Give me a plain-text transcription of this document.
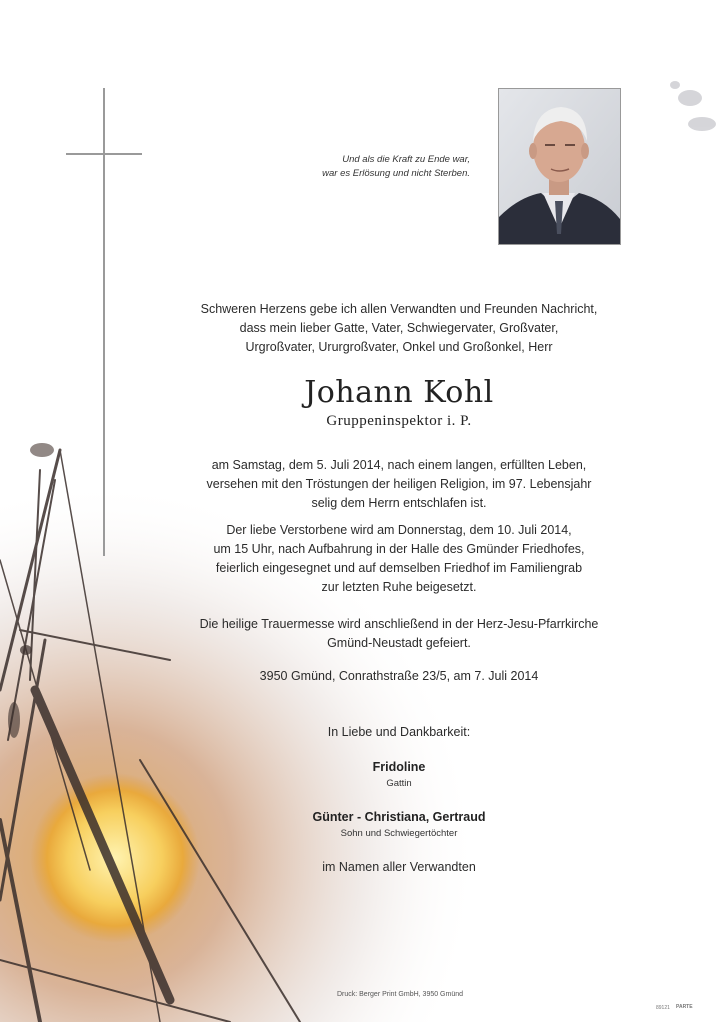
Und als die Kraft zu Ende war,
war es Erlösung und nicht Sterben.
Schweren Herzens gebe ich allen Verwandten und Freunden Nachricht,
dass mein lieber Gatte, Vater, Schwiegervater, Großvater,
Urgroßvater, Ururgroßvater, Onkel und Großonkel, Herr
Johann Kohl
Gruppeninspektor i. P.
am Samstag, dem 5. Juli 2014, nach einem langen, erfüllten Leben,
versehen mit den Tröstungen der heiligen Religion, im 97. Lebensjahr
selig dem Herrn entschlafen ist.
Der liebe Verstorbene wird am Donnerstag, dem 10. Juli 2014,
um 15 Uhr, nach Aufbahrung in der Halle des Gmünder Friedhofes,
feierlich eingesegnet und auf demselben Friedhof im Familiengrab
zur letzten Ruhe beigesetzt.
Die heilige Trauermesse wird anschließend in der Herz-Jesu-Pfarrkirche
Gmünd-Neustadt gefeiert.
3950 Gmünd, Conrathstraße 23/5, am 7. Juli 2014
In Liebe und Dankbarkeit:
Fridoline
Gattin
Günter - Christiana, Gertraud
Sohn und Schwiegertöchter
im Namen aller Verwandten
Druck: Berger Print GmbH, 3950 Gmünd
89121 PARTE
